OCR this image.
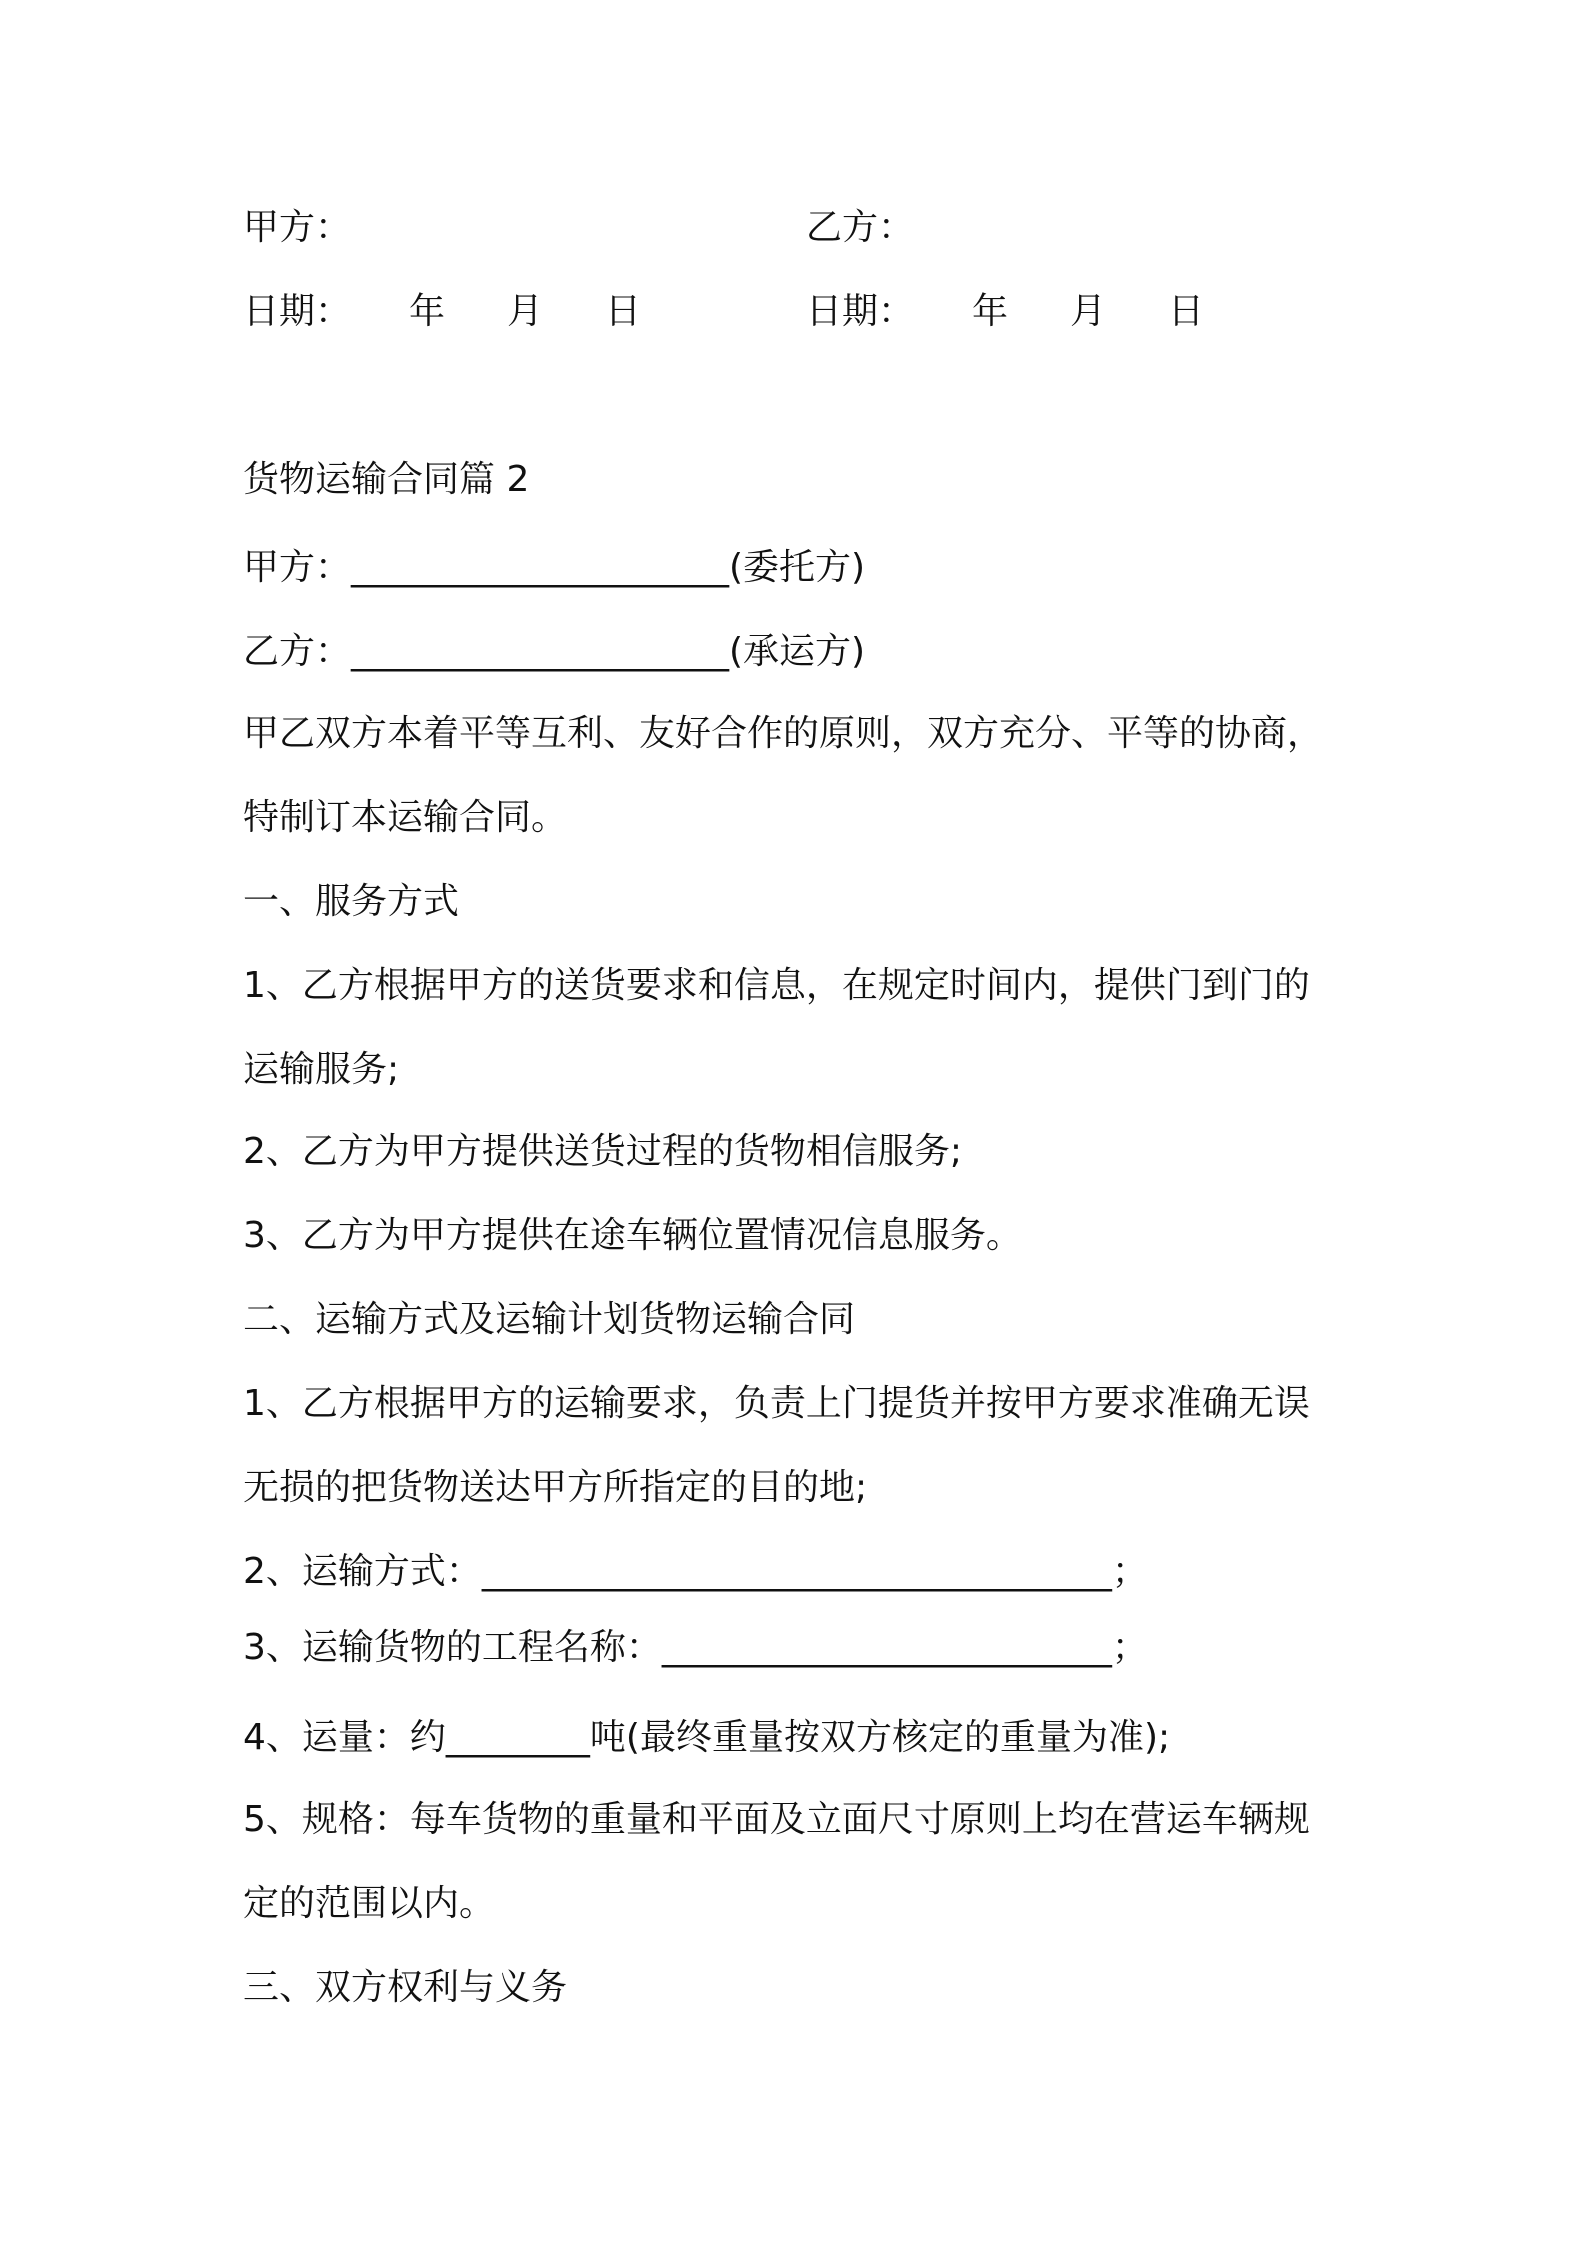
甲方：	乙方：
日期： 年 月 日	日期： 年 月 日
货物运输合同篇 2
甲方：_____________________(委托方)
乙方：_____________________(承运方)
甲乙双方本着平等互利、友好合作的原则，双方充分、平等的协商，
特制订本运输合同。
一、服务方式
1、乙方根据甲方的送货要求和信息，在规定时间内，提供门到门的
运输服务;
2、乙方为甲方提供送货过程的货物相信服务;
3、乙方为甲方提供在途车辆位置情况信息服务。
二、运输方式及运输计划货物运输合同
1、乙方根据甲方的运输要求，负责上门提货并按甲方要求准确无误
无损的把货物送达甲方所指定的目的地;
2、运输方式：___________________________________；
3、运输货物的工程名称：_________________________；
4、运量：约________吨(最终重量按双方核定的重量为准);
5、规格：每车货物的重量和平面及立面尺寸原则上均在营运车辆规
定的范围以内。
三、双方权利与义务
